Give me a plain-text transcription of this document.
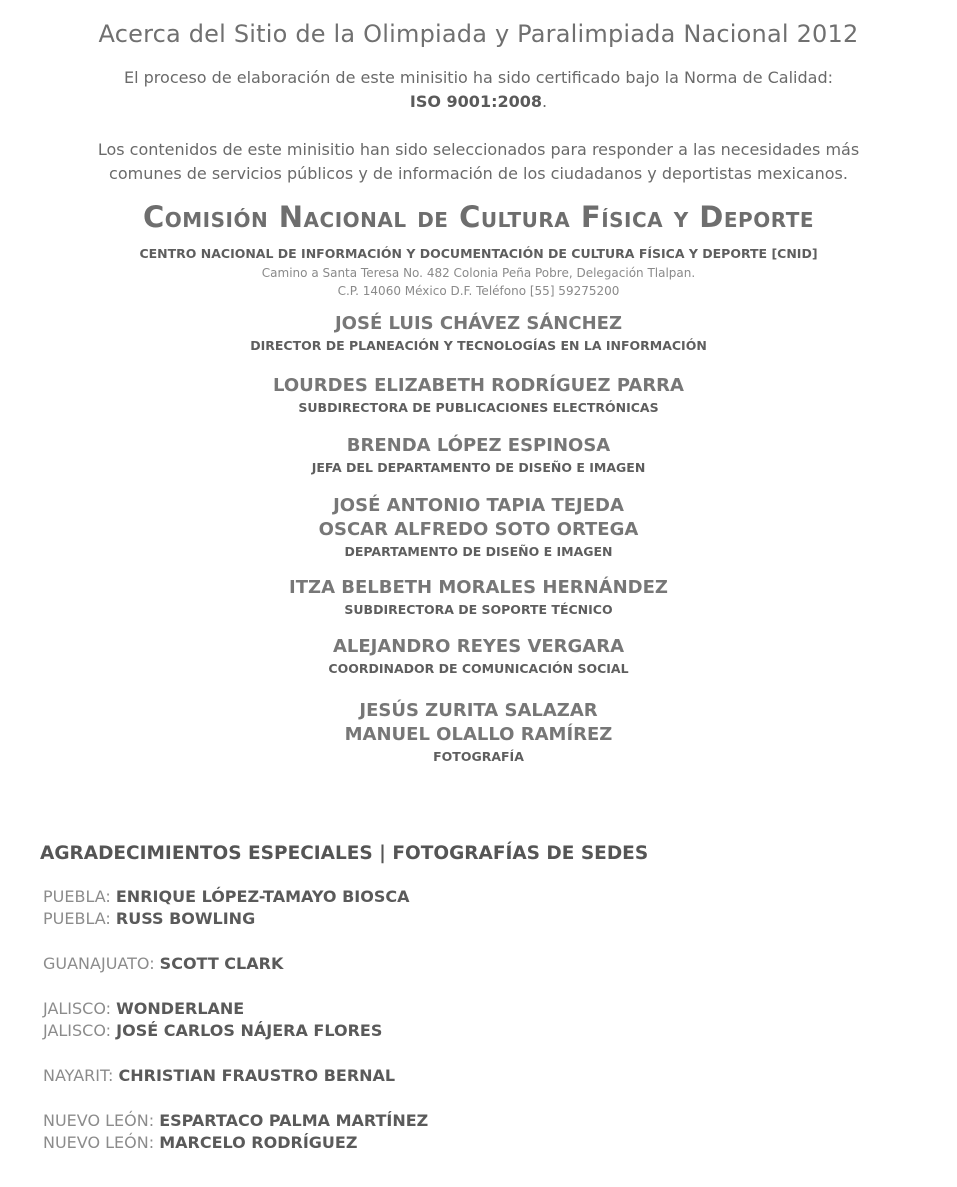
Acerca del Sitio de la Olimpiada y Paralimpiada Nacional 2012
El proceso de elaboración de este minisitio ha sido certificado bajo la Norma de Calidad:
ISO 9001:2008.
Los contenidos de este minisitio han sido seleccionados para responder a las necesidades más
comunes de servicios públicos y de información de los ciudadanos y deportistas mexicanos.
Comisión Nacional de Cultura Física y Deporte
CENTRO NACIONAL DE INFORMACIÓN Y DOCUMENTACIÓN DE CULTURA FÍSICA Y DEPORTE [CNID]
Camino a Santa Teresa No. 482 Colonia Peña Pobre, Delegación Tlalpan.
C.P. 14060 México D.F. Teléfono [55] 59275200
JOSÉ LUIS CHÁVEZ SÁNCHEZ
DIRECTOR DE PLANEACIÓN Y TECNOLOGÍAS EN LA INFORMACIÓN
LOURDES ELIZABETH RODRÍGUEZ PARRA
SUBDIRECTORA DE PUBLICACIONES ELECTRÓNICAS
BRENDA LÓPEZ ESPINOSA
JEFA DEL DEPARTAMENTO DE DISEÑO E IMAGEN
JOSÉ ANTONIO TAPIA TEJEDA
OSCAR ALFREDO SOTO ORTEGA
DEPARTAMENTO DE DISEÑO E IMAGEN
ITZA BELBETH MORALES HERNÁNDEZ
SUBDIRECTORA DE SOPORTE TÉCNICO
ALEJANDRO REYES VERGARA
COORDINADOR DE COMUNICACIÓN SOCIAL
JESÚS ZURITA SALAZAR
MANUEL OLALLO RAMÍREZ
FOTOGRAFÍA
AGRADECIMIENTOS ESPECIALES | FOTOGRAFÍAS DE SEDES
PUEBLA: ENRIQUE LÓPEZ-TAMAYO BIOSCA
PUEBLA: RUSS BOWLING
GUANAJUATO: SCOTT CLARK
JALISCO: WONDERLANE
JALISCO: JOSÉ CARLOS NÁJERA FLORES
NAYARIT: CHRISTIAN FRAUSTRO BERNAL
NUEVO LEÓN: ESPARTACO PALMA MARTÍNEZ
NUEVO LEÓN: MARCELO RODRÍGUEZ
